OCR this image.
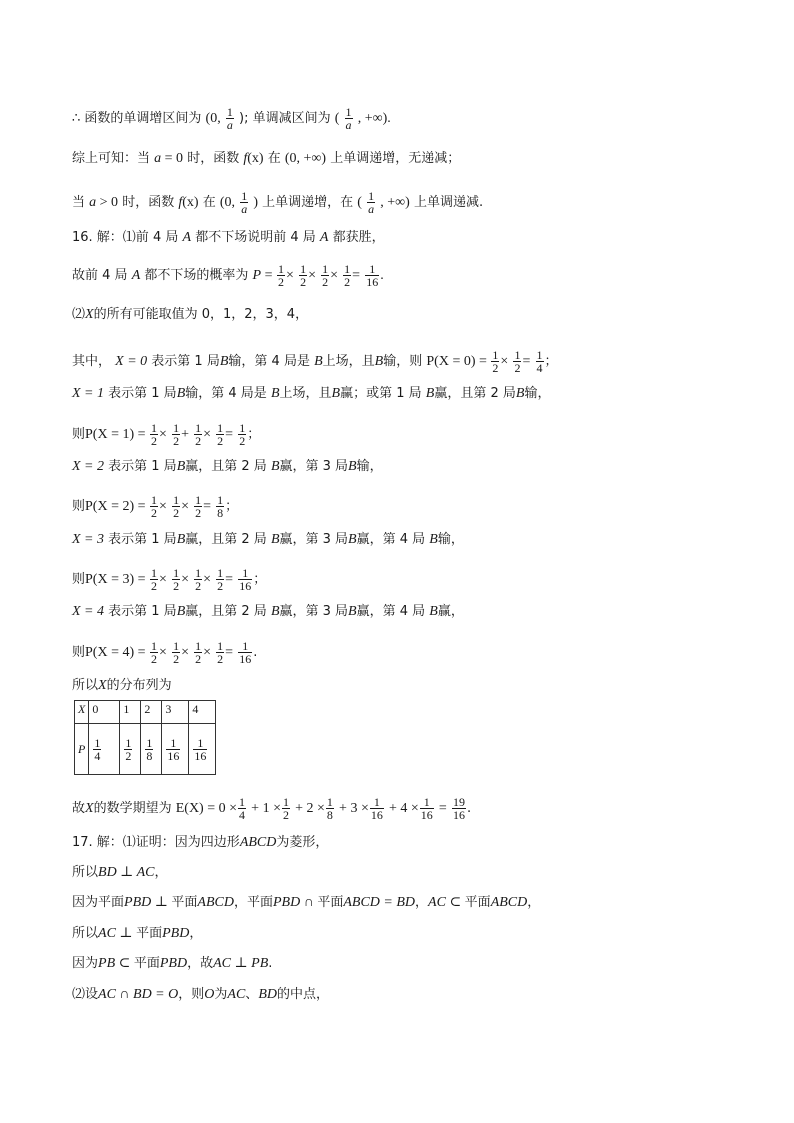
∴ 函数的单调增区间为 (0, $\frac{1}{a}$ ); 单调减区间为 ( $\frac{1}{a}$ , +∞).
综上可知：当 a = 0 时，函数 f(x) 在 (0, +∞) 上单调递增，无递减；
当 a > 0 时，函数 f(x) 在 (0, $\frac{1}{a}$ ) 上单调递增，在 ( $\frac{1}{a}$ , +∞) 上单调递减.
16. 解：⑴前 4 局 A 都不下场说明前 4 局 A 都获胜，
故前 4 局 A 都不下场的概率为 $P = \frac{1}{2} \times \frac{1}{2} \times \frac{1}{2} \times \frac{1}{2} = \frac{1}{16}$ .
⑵X的所有可能取值为 0，1，2，3，4，
其中， X = 0 表示第 1 局B输，第 4 局是 B上场，且B输，则 $P(X = 0) = \frac{1}{2} \times \frac{1}{2} = \frac{1}{4}$ ；
X = 1 表示第 1 局B输，第 4 局是 B上场，且B赢；或第 1 局 B赢，且第 2 局B输，
则$P(X = 1) = \frac{1}{2} \times \frac{1}{2} + \frac{1}{2} \times \frac{1}{2} = \frac{1}{2}$ ；
X = 2 表示第 1 局B赢，且第 2 局 B赢，第 3 局B输，
则$P(X = 2) = \frac{1}{2} \times \frac{1}{2} \times \frac{1}{2} = \frac{1}{8}$ ；
X = 3 表示第 1 局B赢，且第 2 局 B赢，第 3 局B赢，第 4 局 B输，
则$P(X = 3) = \frac{1}{2} \times \frac{1}{2} \times \frac{1}{2} \times \frac{1}{2} = \frac{1}{16}$ ；
X = 4 表示第 1 局B赢，且第 2 局 B赢，第 3 局B赢，第 4 局 B赢，
则$P(X = 4) = \frac{1}{2} \times \frac{1}{2} \times \frac{1}{2} \times \frac{1}{2} = \frac{1}{16}$ .
所以X的分布列为
X	0	1	2	3	4
P	$\frac{1}{4}$	$\frac{1}{2}$	$\frac{1}{8}$	$\frac{1}{16}$	$\frac{1}{16}$
故X的数学期望为 $E(X) = 0 \times \frac{1}{4} + 1 \times \frac{1}{2} + 2 \times \frac{1}{8} + 3 \times \frac{1}{16} + 4 \times \frac{1}{16} = \frac{19}{16}$ .
17. 解：⑴证明：因为四边形ABCD为菱形，
所以BD ⊥ AC，
因为平面PBD ⊥ 平面ABCD，平面PBD ∩ 平面ABCD = BD，AC ⊂ 平面ABCD，
所以AC ⊥ 平面PBD，
因为PB ⊂ 平面PBD，故AC ⊥ PB.
⑵设AC ∩ BD = O，则O为AC、BD的中点，
